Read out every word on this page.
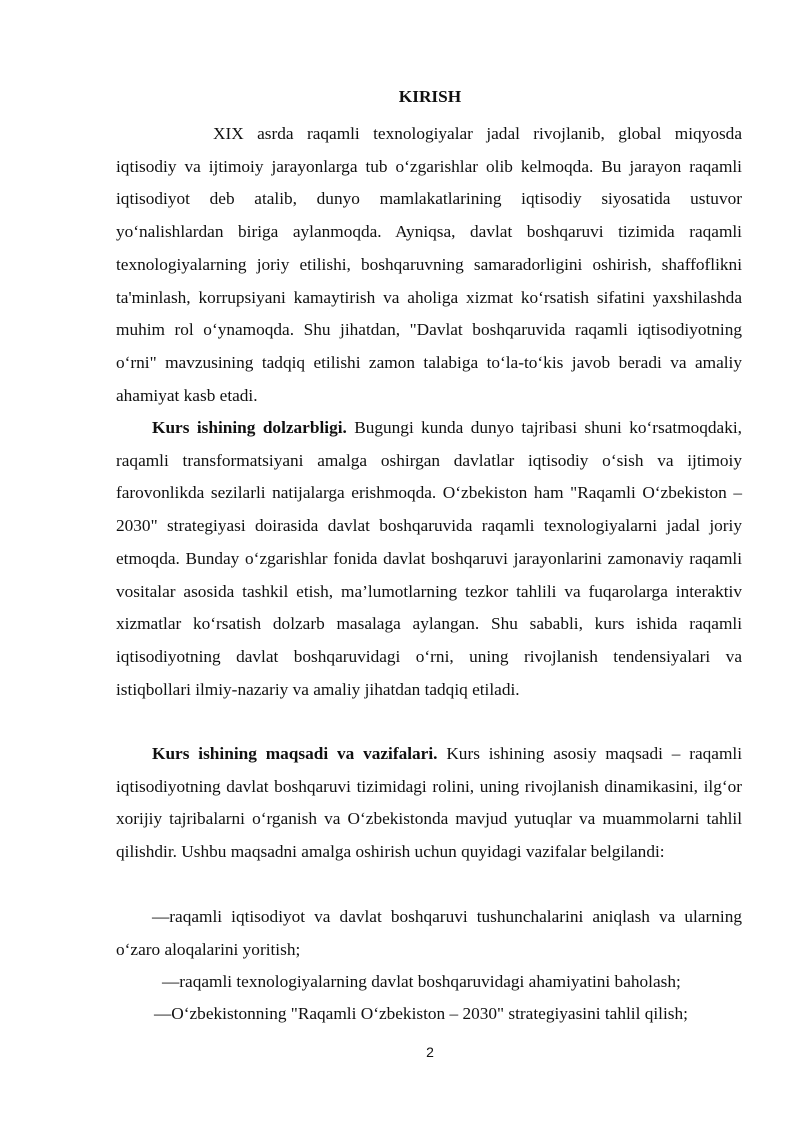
KIRISH

XIX asrda raqamli texnologiyalar jadal rivojlanib, global miqyosda iqtisodiy va ijtimoiy jarayonlarga tub o‘zgarishlar olib kelmoqda. Bu jarayon raqamli iqtisodiyot deb atalib, dunyo mamlakatlarining iqtisodiy siyosatida ustuvor yo‘nalishlardan biriga aylanmoqda. Ayniqsa, davlat boshqaruvi tizimida raqamli texnologiyalarning joriy etilishi, boshqaruvning samaradorligini oshirish, shaffoflikni ta'minlash, korrupsiyani kamaytirish va aholiga xizmat ko‘rsatish sifatini yaxshilashda muhim rol o‘ynamoqda. Shu jihatdan, "Davlat boshqaruvida raqamli iqtisodiyotning o‘rni" mavzusining tadqiq etilishi zamon talabiga to‘la-to‘kis javob beradi va amaliy ahamiyat kasb etadi.

Kurs ishining dolzarbligi. Bugungi kunda dunyo tajribasi shuni ko‘rsatmoqdaki, raqamli transformatsiyani amalga oshirgan davlatlar iqtisodiy o‘sish va ijtimoiy farovonlikda sezilarli natijalarga erishmoqda. O‘zbekiston ham "Raqamli O‘zbekiston – 2030" strategiyasi doirasida davlat boshqaruvida raqamli texnologiyalarni jadal joriy etmoqda. Bunday o‘zgarishlar fonida davlat boshqaruvi jarayonlarini zamonaviy raqamli vositalar asosida tashkil etish, ma’lumotlarning tezkor tahlili va fuqarolarga interaktiv xizmatlar ko‘rsatish dolzarb masalaga aylangan. Shu sababli, kurs ishida raqamli iqtisodiyotning davlat boshqaruvidagi o‘rni, uning rivojlanish tendensiyalari va istiqbollari ilmiy-nazariy va amaliy jihatdan tadqiq etiladi.

Kurs ishining maqsadi va vazifalari. Kurs ishining asosiy maqsadi – raqamli iqtisodiyotning davlat boshqaruvi tizimidagi rolini, uning rivojlanish dinamikasini, ilg‘or xorijiy tajribalarni o‘rganish va O‘zbekistonda mavjud yutuqlar va muammolarni tahlil qilishdir. Ushbu maqsadni amalga oshirish uchun quyidagi vazifalar belgilandi:

—raqamli iqtisodiyot va davlat boshqaruvi tushunchalarini aniqlash va ularning o‘zaro aloqalarini yoritish;

—raqamli texnologiyalarning davlat boshqaruvidagi ahamiyatini baholash;

—O‘zbekistonning "Raqamli O‘zbekiston – 2030" strategiyasini tahlil qilish;

2
